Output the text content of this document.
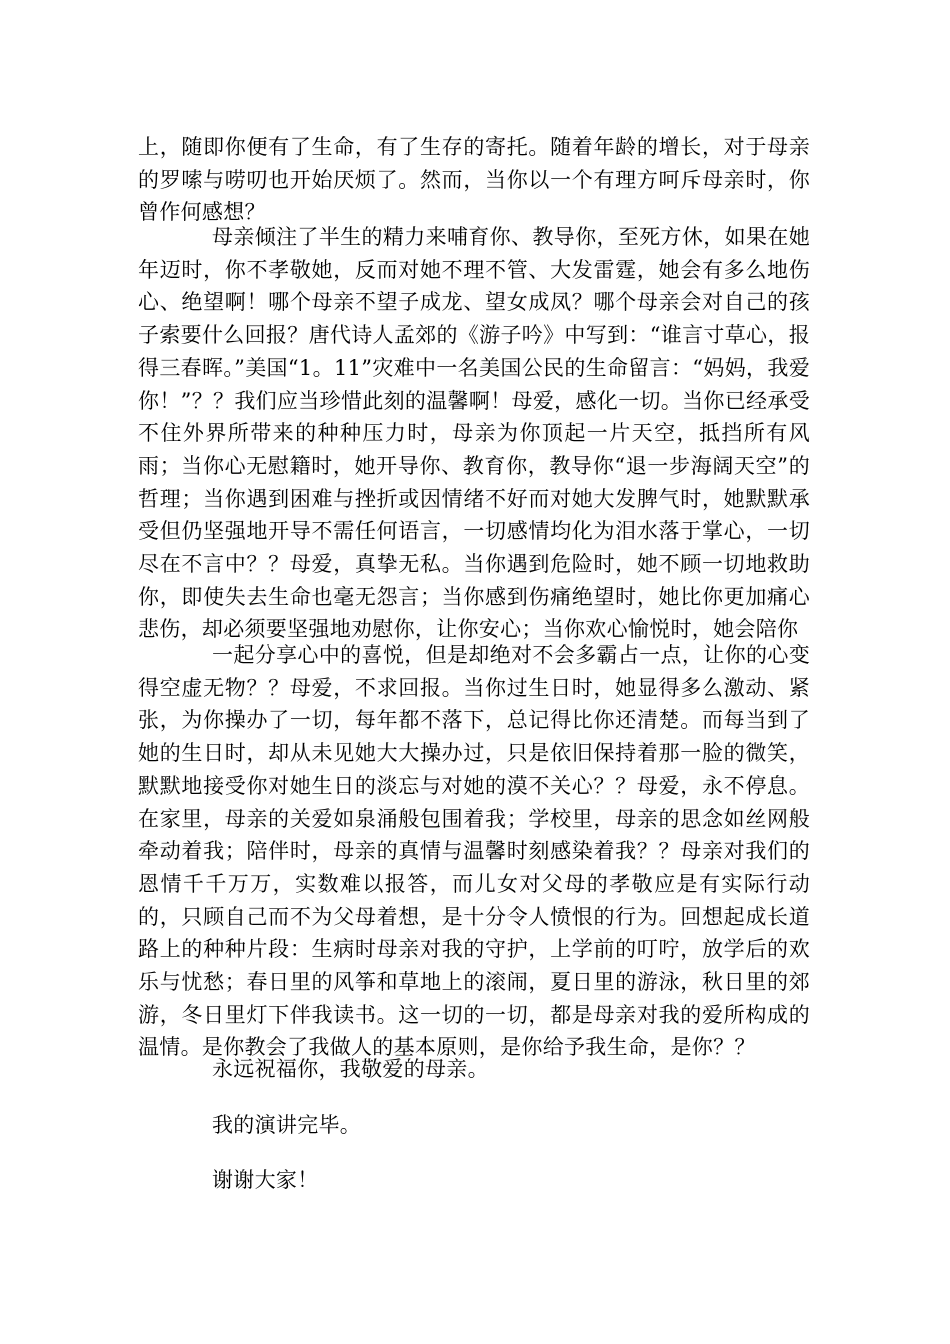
上，随即你便有了生命，有了生存的寄托。随着年龄的增长，对于母亲的罗嗦与唠叨也开始厌烦了。然而，当你以一个有理方呵斥母亲时，你曾作何感想？

母亲倾注了半生的精力来哺育你、教导你，至死方休，如果在她年迈时，你不孝敬她，反而对她不理不管、大发雷霆，她会有多么地伤心、绝望啊！哪个母亲不望子成龙、望女成凤？哪个母亲会对自己的孩子索要什么回报？唐代诗人孟郊的《游子吟》中写到：“谁言寸草心，报得三春晖。”美国“1。11”灾难中一名美国公民的生命留言：“妈妈，我爱你！”？？我们应当珍惜此刻的温馨啊！母爱，感化一切。当你已经承受不住外界所带来的种种压力时，母亲为你顶起一片天空，抵挡所有风雨；当你心无慰籍时，她开导你、教育你，教导你“退一步海阔天空”的哲理；当你遇到困难与挫折或因情绪不好而对她大发脾气时，她默默承受但仍坚强地开导不需任何语言，一切感情均化为泪水落于掌心，一切尽在不言中？？母爱，真挚无私。当你遇到危险时，她不顾一切地救助你，即使失去生命也毫无怨言；当你感到伤痛绝望时，她比你更加痛心悲伤，却必须要坚强地劝慰你，让你安心；当你欢心愉悦时，她会陪你

一起分享心中的喜悦，但是却绝对不会多霸占一点，让你的心变得空虚无物？？母爱，不求回报。当你过生日时，她显得多么激动、紧张，为你操办了一切，每年都不落下，总记得比你还清楚。而每当到了她的生日时，却从未见她大大操办过，只是依旧保持着那一脸的微笑，默默地接受你对她生日的淡忘与对她的漠不关心？？母爱，永不停息。在家里，母亲的关爱如泉涌般包围着我；学校里，母亲的思念如丝网般牵动着我；陪伴时，母亲的真情与温馨时刻感染着我？？母亲对我们的恩情千千万万，实数难以报答，而儿女对父母的孝敬应是有实际行动的，只顾自己而不为父母着想，是十分令人愤恨的行为。回想起成长道路上的种种片段：生病时母亲对我的守护，上学前的叮咛，放学后的欢乐与忧愁；春日里的风筝和草地上的滚闹，夏日里的游泳，秋日里的郊游，冬日里灯下伴我读书。这一切的一切，都是母亲对我的爱所构成的温情。是你教会了我做人的基本原则，是你给予我生命，是你？？

永远祝福你，我敬爱的母亲。

我的演讲完毕。

谢谢大家！
